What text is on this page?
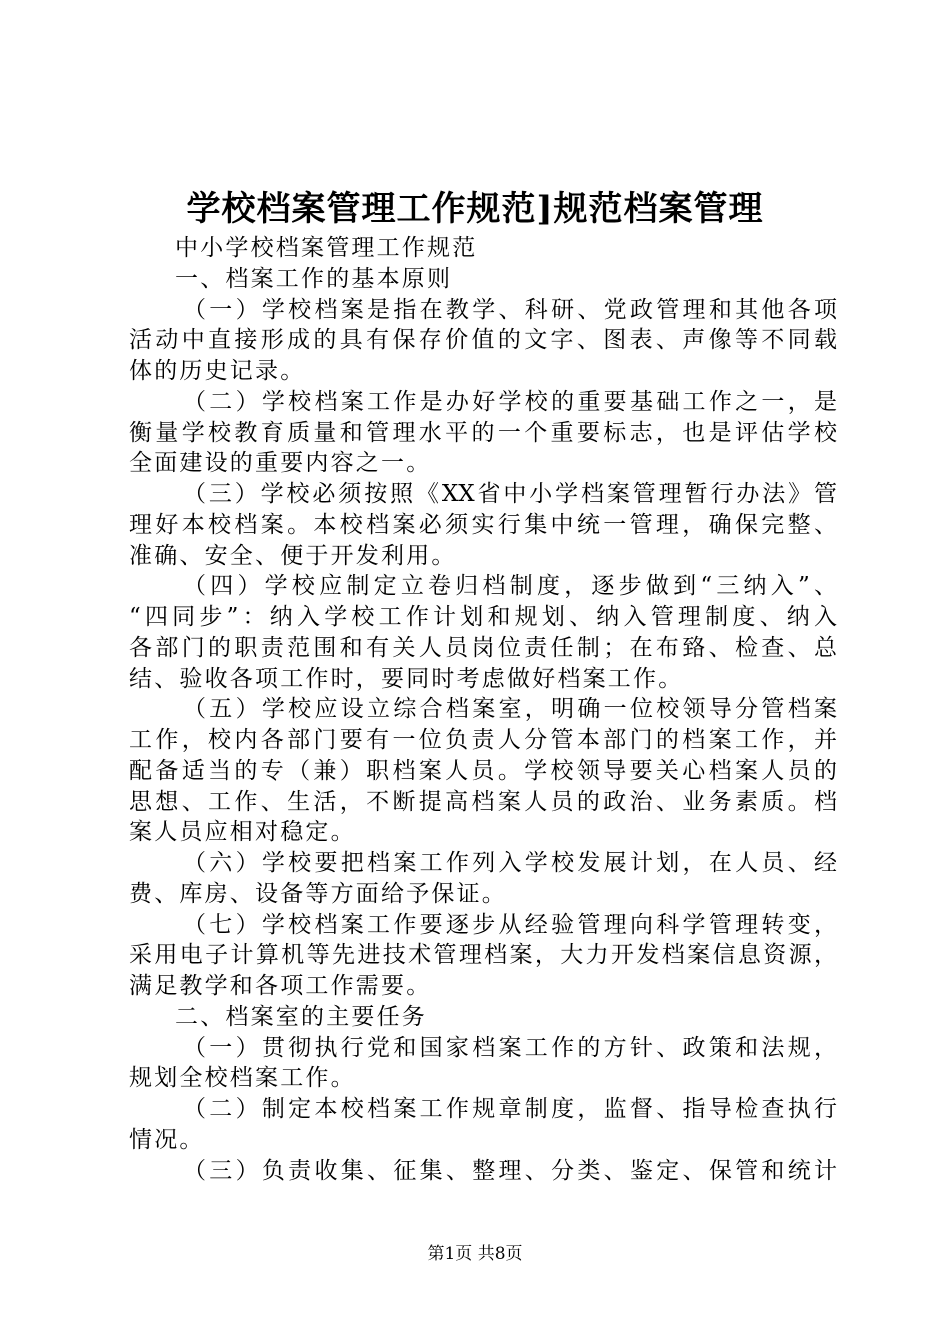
学校档案管理工作规范]规范档案管理
中小学校档案管理工作规范
一、档案工作的基本原则
（一）学校档案是指在教学、科研、党政管理和其他各项
活动中直接形成的具有保存价值的文字、图表、声像等不同载
体的历史记录。
（二）学校档案工作是办好学校的重要基础工作之一，是
衡量学校教育质量和管理水平的一个重要标志，也是评估学校
全面建设的重要内容之一。
（三）学校必须按照《XX省中小学档案管理暂行办法》管
理好本校档案。本校档案必须实行集中统一管理，确保完整、
准确、安全、便于开发利用。
（四）学校应制定立卷归档制度，逐步做到“三纳入”、
“四同步”：纳入学校工作计划和规划、纳入管理制度、纳入
各部门的职责范围和有关人员岗位责任制；在布臵、检查、总
结、验收各项工作时，要同时考虑做好档案工作。
（五）学校应设立综合档案室，明确一位校领导分管档案
工作，校内各部门要有一位负责人分管本部门的档案工作，并
配备适当的专（兼）职档案人员。学校领导要关心档案人员的
思想、工作、生活，不断提高档案人员的政治、业务素质。档
案人员应相对稳定。
（六）学校要把档案工作列入学校发展计划，在人员、经
费、库房、设备等方面给予保证。
（七）学校档案工作要逐步从经验管理向科学管理转变，
采用电子计算机等先进技术管理档案，大力开发档案信息资源，
满足教学和各项工作需要。
二、档案室的主要任务
（一）贯彻执行党和国家档案工作的方针、政策和法规，
规划全校档案工作。
（二）制定本校档案工作规章制度，监督、指导检查执行
情况。
（三）负责收集、征集、整理、分类、鉴定、保管和统计
第1页 共8页
